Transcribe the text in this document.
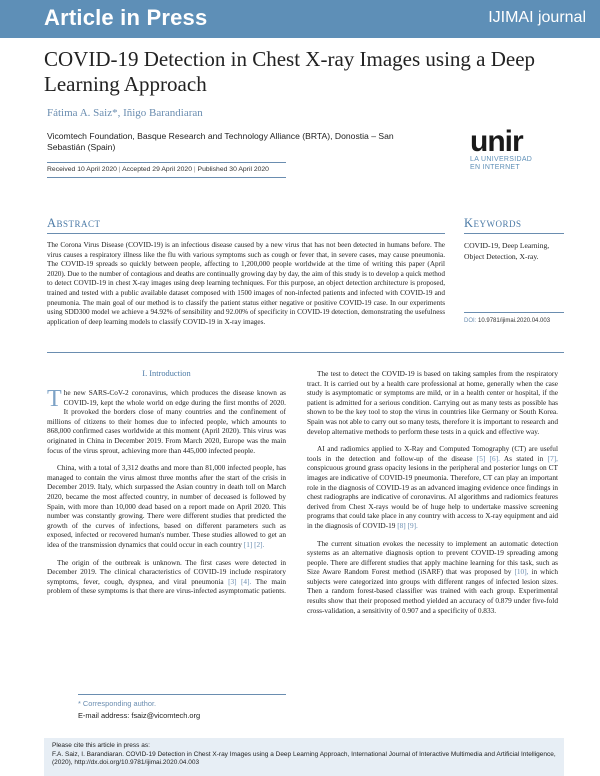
Article in Press	IJIMAI journal
COVID-19 Detection in Chest X-ray Images using a Deep Learning Approach
Fátima A. Saiz*, Iñigo Barandiaran
Vicomtech Foundation, Basque Research and Technology Alliance (BRTA), Donostia – San Sebastián (Spain)
Received 10 April 2020 | Accepted 29 April 2020 | Published 30 April 2020
unir
LA UNIVERSIDAD
EN INTERNET
Abstract
The Corona Virus Disease (COVID-19) is an infectious disease caused by a new virus that has not been detected in humans before. The virus causes a respiratory illness like the flu with various symptoms such as cough or fever that, in severe cases, may cause pneumonia. The COVID-19 spreads so quickly between people, affecting to 1,200,000 people worldwide at the time of writing this paper (April 2020). Due to the number of contagious and deaths are continually growing day by day, the aim of this study is to develop a quick method to detect COVID-19 in chest X-ray images using deep learning techniques. For this purpose, an object detection architecture is proposed, trained and tested with a public available dataset composed with 1500 images of non-infected patients and infected with COVID-19 and pneumonia. The main goal of our method is to classify the patient status either negative or positive COVID-19 case. In our experiments using SDD300 model we achieve a 94.92% of sensibility and 92.00% of specificity in COVID-19 detection, demonstrating the usefulness application of deep learning models to classify COVID-19 in X-ray images.
Keywords
COVID-19, Deep Learning, Object Detection, X-ray.
DOI: 10.9781/ijimai.2020.04.003
I. Introduction

The new SARS-CoV-2 coronavirus, which produces the disease known as COVID-19, kept the whole world on edge during the first months of 2020. It provoked the borders close of many countries and the confinement of millions of citizens to their homes due to infected people, which amounts to 868,000 confirmed cases worldwide at this moment (April 2020). This virus was originated in China in December 2019. From March 2020, Europe was the main focus of the virus sprout, achieving more than 445,000 infected people.

China, with a total of 3,312 deaths and more than 81,000 infected people, has managed to contain the virus almost three months after the start of the crisis in December 2019. Italy, which surpassed the Asian country in death toll on March 2020, became the most affected country, in number of deceased is followed by Spain, with more than 10,000 dead based on a report made on April 2020. This number was constantly growing. There were different studies that predicted the growth of the curves of infections, based on different parameters such as exposed, infected or recovered human's number. These studies allowed to get an idea of the transmission dynamics that could occur in each country [1] [2].

The origin of the outbreak is unknown. The first cases were detected in December 2019. The clinical characteristics of COVID-19 include respiratory symptoms, fever, cough, dyspnea, and viral pneumonia [3] [4]. The main problem of these symptoms is that there are virus-infected asymptomatic patients.

The test to detect the COVID-19 is based on taking samples from the respiratory tract. It is carried out by a health care professional at home, generally when the case study is asymptomatic or symptoms are mild, or in a health center or hospital, if the patient is admitted for a serious condition. Carrying out as many tests as possible has shown to be the key tool to stop the virus in countries like Germany or South Korea. Spain was not able to carry out so many tests, therefore it is important to research and develop alternative methods to perform these tests in a quick and effective way.

AI and radiomics applied to X-Ray and Computed Tomography (CT) are useful tools in the detection and follow-up of the disease [5] [6]. As stated in [7], conspicuous ground grass opacity lesions in the peripheral and posterior lungs on CT images are indicative of COVID-19 pneumonia. Therefore, CT can play an important role in the diagnosis of COVID-19 as an advanced imaging evidence once findings in chest radiographs are indicative of coronavirus. AI algorithms and radiomics features derived from Chest X-rays would be of huge help to undertake massive screening programs that could take place in any country with access to X-ray equipment and aid in the diagnosis of COVID-19 [8] [9].

The current situation evokes the necessity to implement an automatic detection systems as an alternative diagnosis option to prevent COVID-19 spreading among people. There are different studies that apply machine learning for this task, such as Size Aware Random Forest method (iSARF) that was proposed by [10], in which subjects were categorized into groups with different ranges of infected lesion sizes. Then a random forest-based classifier was trained with each group. Experimental results show that their proposed method yielded an accuracy of 0.879 under five-fold cross-validation, a sensitivity of 0.907 and a specificity of 0.833.

* Corresponding author.
E-mail address: fsaiz@vicomtech.org
Please cite this article in press as:
F.A. Saiz, I. Barandiaran. COVID-19 Detection in Chest X-ray Images using a Deep Learning Approach, International Journal of Interactive Multimedia and Artificial Intelligence, (2020), http://dx.doi.org/10.9781/ijimai.2020.04.003
